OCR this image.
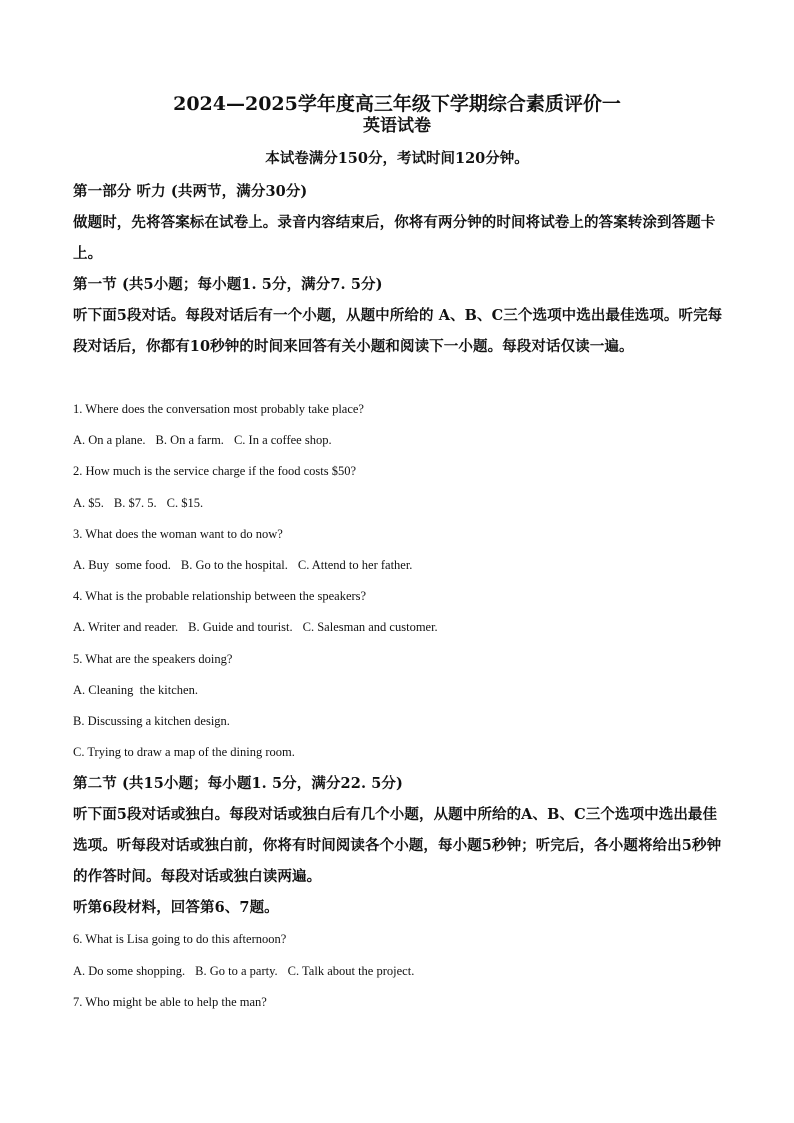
2024—2025学年度高三年级下学期综合素质评价一
英语试卷
本试卷满分150分，考试时间120分钟。
第一部分 听力 (共两节，满分30分)
做题时，先将答案标在试卷上。录音内容结束后，你将有两分钟的时间将试卷上的答案转涂到答题卡上。
第一节 (共5小题；每小题1. 5分，满分7. 5分)
听下面5段对话。每段对话后有一个小题，从题中所给的 A、B、C三个选项中选出最佳选项。听完每段对话后，你都有10秒钟的时间来回答有关小题和阅读下一小题。每段对话仅读一遍。
1. Where does the conversation most probably take place?
A. On a plane. B. On a farm. C. In a coffee shop.
2. How much is the service charge if the food costs $50?
A. $5. B. $7. 5. C. $15.
3. What does the woman want to do now?
A. Buy  some food. B. Go to the hospital. C. Attend to her father.
4. What is the probable relationship between the speakers?
A. Writer and reader. B. Guide and tourist. C. Salesman and customer.
5. What are the speakers doing?
A. Cleaning  the kitchen.
B. Discussing a kitchen design.
C. Trying to draw a map of the dining room.
第二节 (共15小题；每小题1. 5分，满分22. 5分)
听下面5段对话或独白。每段对话或独白后有几个小题，从题中所给的A、B、C三个选项中选出最佳选项。听每段对话或独白前，你将有时间阅读各个小题，每小题5秒钟；听完后，各小题将给出5秒钟的作答时间。每段对话或独白读两遍。
听第6段材料，回答第6、7题。
6. What is Lisa going to do this afternoon?
A. Do some shopping. B. Go to a party. C. Talk about the project.
7. Who might be able to help the man?
